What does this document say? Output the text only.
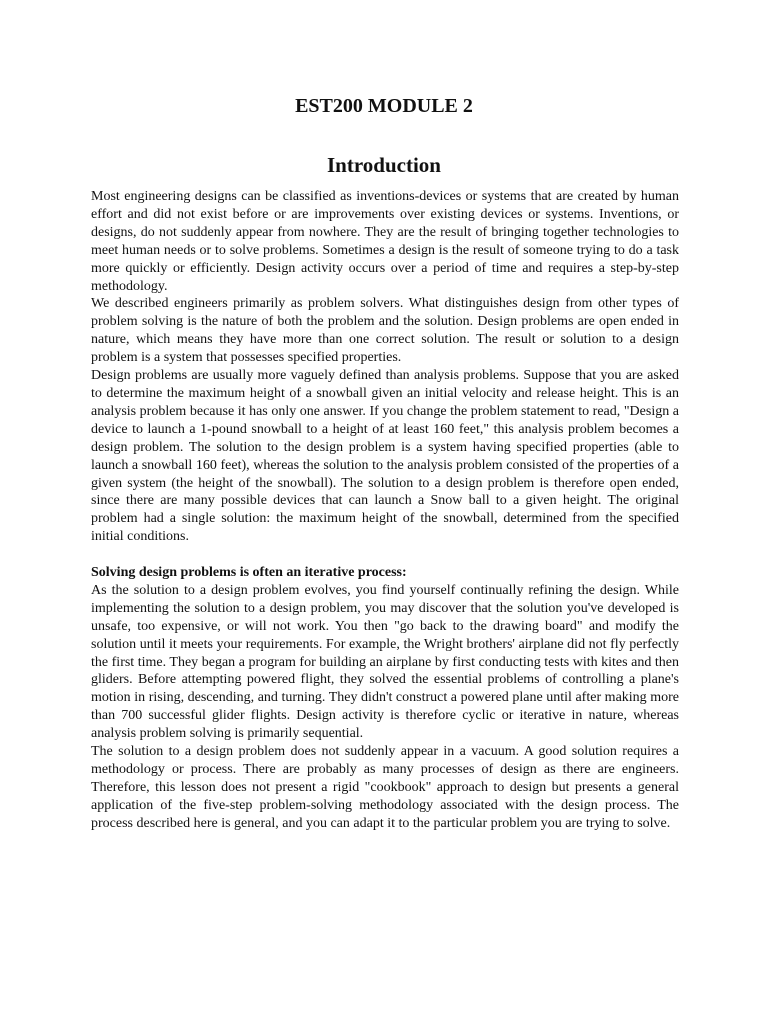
EST200 MODULE 2
Introduction

Most engineering designs can be classified as inventions-devices or systems that are created by human effort and did not exist before or are improvements over existing devices or systems. Inventions, or designs, do not suddenly appear from nowhere. They are the result of bringing together technologies to meet human needs or to solve problems. Sometimes a design is the result of someone trying to do a task more quickly or efficiently. Design activity occurs over a period of time and requires a step-by-step methodology.

We described engineers primarily as problem solvers. What distinguishes design from other types of problem solving is the nature of both the problem and the solution. Design problems are open ended in nature, which means they have more than one correct solution. The result or solution to a design problem is a system that possesses specified properties.

Design problems are usually more vaguely defined than analysis problems. Suppose that you are asked to determine the maximum height of a snowball given an initial velocity and release height. This is an analysis problem because it has only one answer. If you change the problem statement to read, "Design a device to launch a 1-pound snowball to a height of at least 160 feet," this analysis problem becomes a design problem. The solution to the design problem is a system having specified properties (able to launch a snowball 160 feet), whereas the solution to the analysis problem consisted of the properties of a given system (the height of the snowball). The solution to a design problem is therefore open ended, since there are many possible devices that can launch a Snow ball to a given height. The original problem had a single solution: the maximum height of the snowball, determined from the specified initial conditions.

Solving design problems is often an iterative process:

As the solution to a design problem evolves, you find yourself continually refining the design. While implementing the solution to a design problem, you may discover that the solution you've developed is unsafe, too expensive, or will not work. You then "go back to the drawing board" and modify the solution until it meets your requirements. For example, the Wright brothers' airplane did not fly perfectly the first time. They began a program for building an airplane by first conducting tests with kites and then gliders. Before attempting powered flight, they solved the essential problems of controlling a plane's motion in rising, descending, and turning. They didn't construct a powered plane until after making more than 700 successful glider flights. Design activity is therefore cyclic or iterative in nature, whereas analysis problem solving is primarily sequential.

The solution to a design problem does not suddenly appear in a vacuum. A good solution requires a methodology or process. There are probably as many processes of design as there are engineers. Therefore, this lesson does not present a rigid "cookbook" approach to design but presents a general application of the five-step problem-solving methodology associated with the design process. The process described here is general, and you can adapt it to the particular problem you are trying to solve.
